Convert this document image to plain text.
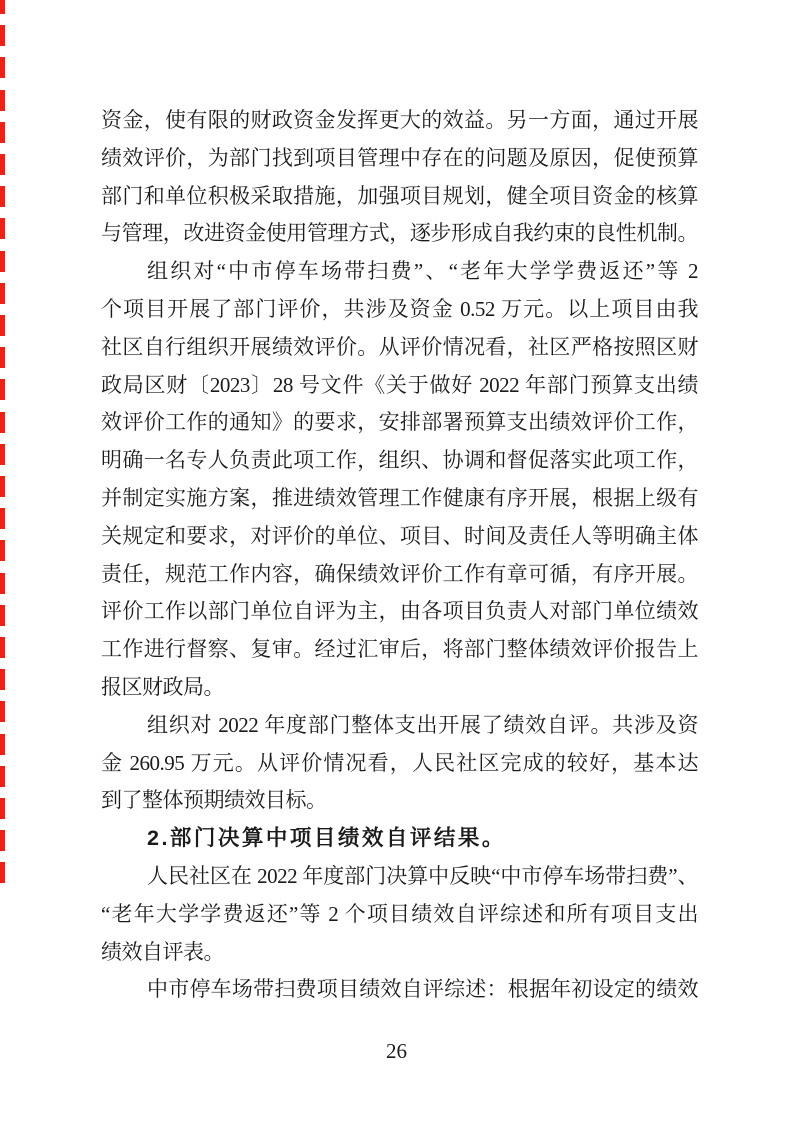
资金，使有限的财政资金发挥更大的效益。另一方面，通过开展
绩效评价，为部门找到项目管理中存在的问题及原因，促使预算
部门和单位积极采取措施，加强项目规划，健全项目资金的核算
与管理，改进资金使用管理方式，逐步形成自我约束的良性机制。
组织对“中市停车场带扫费”、“老年大学学费返还”等 2
个项目开展了部门评价，共涉及资金 0.52 万元。以上项目由我
社区自行组织开展绩效评价。从评价情况看，社区严格按照区财
政局区财〔2023〕28 号文件《关于做好 2022 年部门预算支出绩
效评价工作的通知》的要求，安排部署预算支出绩效评价工作，
明确一名专人负责此项工作，组织、协调和督促落实此项工作，
并制定实施方案，推进绩效管理工作健康有序开展，根据上级有
关规定和要求，对评价的单位、项目、时间及责任人等明确主体
责任，规范工作内容，确保绩效评价工作有章可循，有序开展。
评价工作以部门单位自评为主，由各项目负责人对部门单位绩效
工作进行督察、复审。经过汇审后，将部门整体绩效评价报告上
报区财政局。
组织对 2022 年度部门整体支出开展了绩效自评。共涉及资
金 260.95 万元。从评价情况看，人民社区完成的较好，基本达
到了整体预期绩效目标。
2.部门决算中项目绩效自评结果。
人民社区在 2022 年度部门决算中反映“中市停车场带扫费”、
“老年大学学费返还”等 2 个项目绩效自评综述和所有项目支出
绩效自评表。
中市停车场带扫费项目绩效自评综述：根据年初设定的绩效
26
